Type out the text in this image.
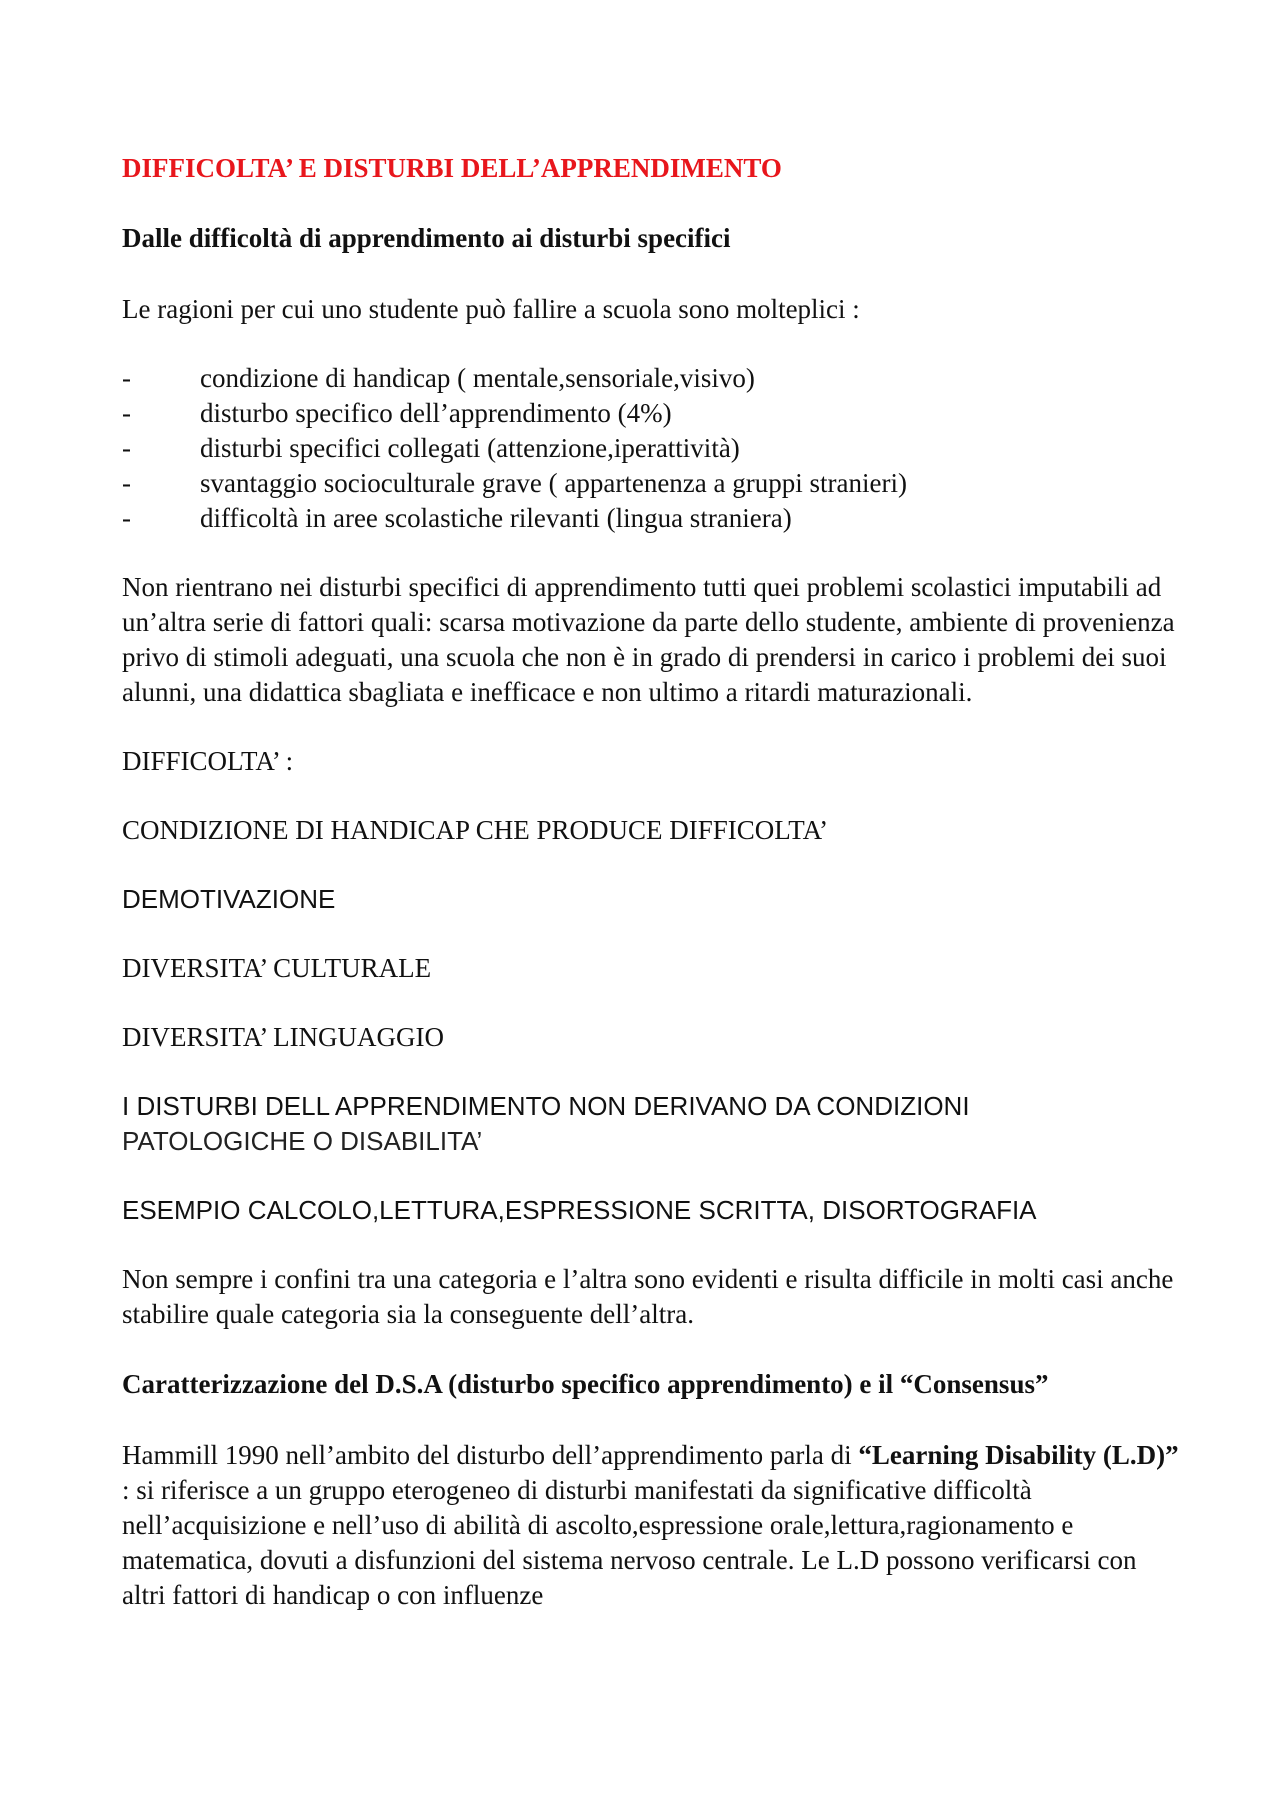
DIFFICOLTA’ E DISTURBI DELL’APPRENDIMENTO
Dalle difficoltà di apprendimento ai disturbi specifici

Le ragioni per cui uno studente può fallire a scuola sono molteplici :

-	condizione di handicap ( mentale,sensoriale,visivo)
-	disturbo specifico dell’apprendimento (4%)
-	disturbi specifici collegati (attenzione,iperattività)
-	svantaggio socioculturale grave ( appartenenza a gruppi stranieri)
-	difficoltà in aree scolastiche rilevanti (lingua straniera)

Non rientrano nei disturbi specifici di apprendimento tutti quei problemi scolastici imputabili ad un’altra serie di fattori quali: scarsa motivazione da parte dello studente, ambiente di provenienza privo di stimoli adeguati, una scuola che non è in grado di prendersi in carico i problemi dei suoi alunni, una didattica sbagliata e inefficace e non ultimo a ritardi maturazionali.

DIFFICOLTA’ :
CONDIZIONE DI HANDICAP CHE PRODUCE DIFFICOLTA’
DEMOTIVAZIONE
DIVERSITA’ CULTURALE
DIVERSITA’ LINGUAGGIO
I DISTURBI DELL APPRENDIMENTO NON DERIVANO DA CONDIZIONI
PATOLOGICHE O DISABILITA’
ESEMPIO CALCOLO,LETTURA,ESPRESSIONE SCRITTA, DISORTOGRAFIA

Non sempre i confini tra una categoria e l’altra sono evidenti e risulta difficile in molti casi anche stabilire quale categoria sia la conseguente dell’altra.

Caratterizzazione del D.S.A (disturbo specifico apprendimento) e il “Consensus”

Hammill 1990 nell’ambito del disturbo dell’apprendimento parla di “Learning Disability (L.D)” : si riferisce a un gruppo eterogeneo di disturbi manifestati da significative difficoltà nell’acquisizione e nell’uso di abilità di ascolto,espressione orale,lettura,ragionamento e matematica, dovuti a disfunzioni del sistema nervoso centrale. Le L.D possono verificarsi con altri fattori di handicap o con influenze
